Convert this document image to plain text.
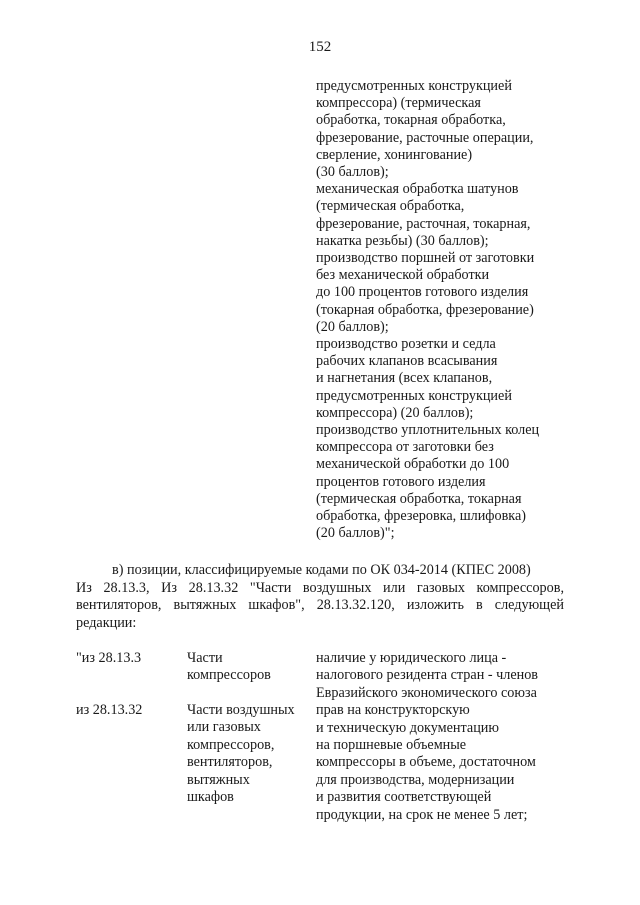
152
предусмотренных конструкцией
компрессора) (термическая
обработка, токарная обработка,
фрезерование, расточные операции,
сверление, хонингование)
(30 баллов);
механическая обработка шатунов
(термическая обработка,
фрезерование, расточная, токарная,
накатка резьбы) (30 баллов);
производство поршней от заготовки
без механической обработки
до 100 процентов готового изделия
(токарная обработка, фрезерование)
(20 баллов);
производство розетки и седла
рабочих клапанов всасывания
и нагнетания (всех клапанов,
предусмотренных конструкцией
компрессора) (20 баллов);
производство уплотнительных колец
компрессора от заготовки без
механической обработки до 100
процентов готового изделия
(термическая обработка, токарная
обработка, фрезеровка, шлифовка)
(20 баллов)";
в) позиции, классифицируемые кодами по ОК 034-2014 (КПЕС 2008)
Из 28.13.3, Из 28.13.32 "Части воздушных или газовых компрессоров,
вентиляторов, вытяжных шкафов", 28.13.32.120, изложить в следующей
редакции:
"из 28.13.3	Части
компрессоров
из 28.13.32	Части воздушных
или газовых
компрессоров,
вентиляторов,
вытяжных
шкафов
наличие у юридического лица -
налогового резидента стран - членов
Евразийского экономического союза
прав на конструкторскую
и техническую документацию
на поршневые объемные
компрессоры в объеме, достаточном
для производства, модернизации
и развития соответствующей
продукции, на срок не менее 5 лет;
